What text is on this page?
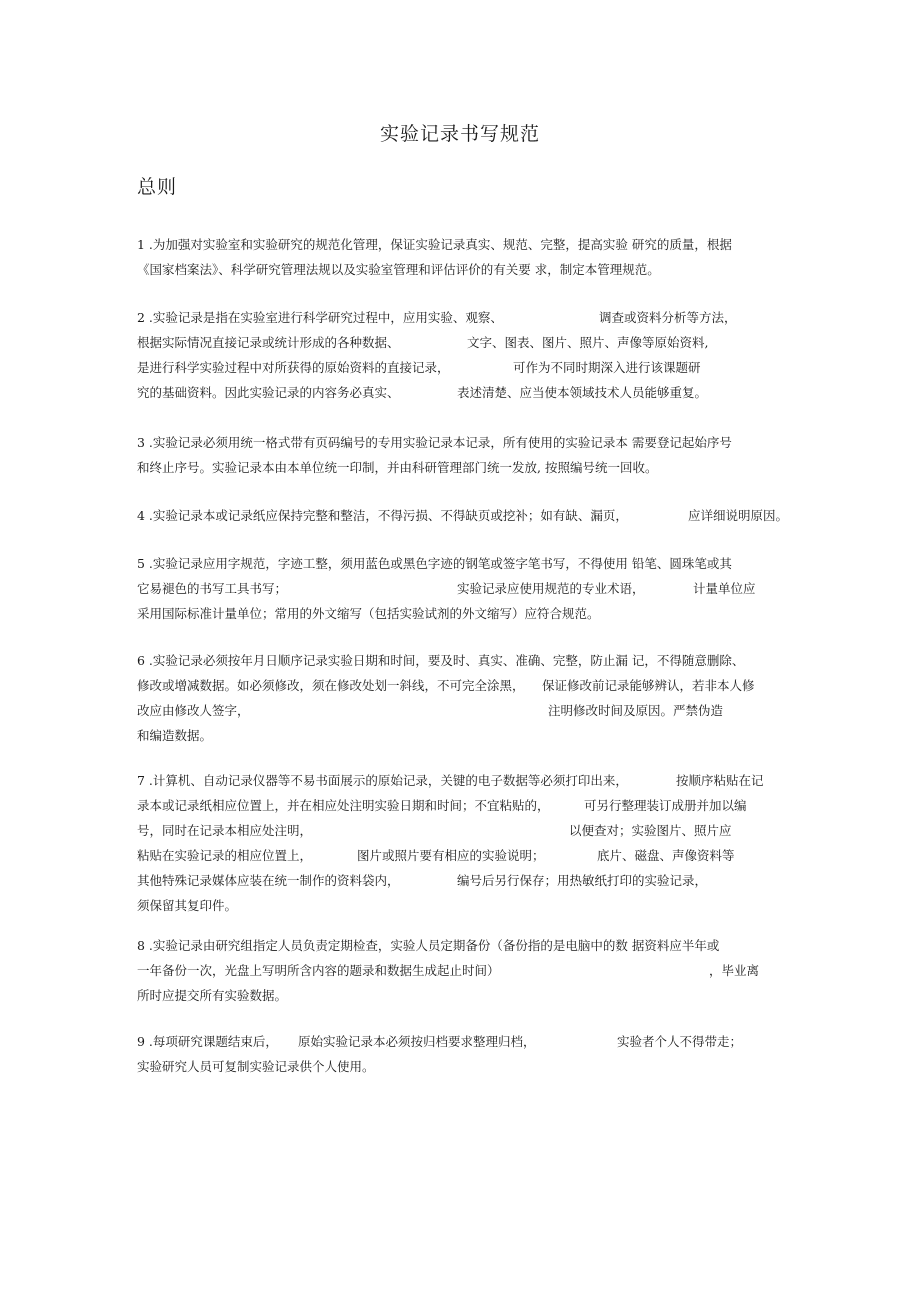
实验记录书写规范
总则
1 .为加强对实验室和实验研究的规范化管理，保证实验记录真实、规范、完整，提高实验 研究的质量，根据
《国家档案法》、科学研究管理法规以及实验室管理和评估评价的有关要 求，制定本管理规范。
2 .实验记录是指在实验室进行科学研究过程中，应用实验、观察、	调查或资料分析等方法，
根据实际情况直接记录或统计形成的各种数据、	文字、图表、图片、照片、声像等原始资料,
是进行科学实验过程中对所获得的原始资料的直接记录，	可作为不同时期深入进行该课题研
究的基础资料。因此实验记录的内容务必真实、	表述清楚、应当使本领域技术人员能够重复。
3 .实验记录必须用统一格式带有页码编号的专用实验记录本记录，所有使用的实验记录本 需要登记起始序号
和终止序号。实验记录本由本单位统一印制，并由科研管理部门统一发放, 按照编号统一回收。
4 .实验记录本或记录纸应保持完整和整洁，不得污损、不得缺页或挖补；如有缺、漏页，	应详细说明原因。
5 .实验记录应用字规范，字迹工整，须用蓝色或黑色字迹的钢笔或签字笔书写，不得使用 铅笔、圆珠笔或其
它易褪色的书写工具书写；	实验记录应使用规范的专业术语，	计量单位应
采用国际标准计量单位；常用的外文缩写（包括实验试剂的外文缩写）应符合规范。
6 .实验记录必须按年月日顺序记录实验日期和时间，要及时、真实、准确、完整，防止漏 记，不得随意删除、
修改或增减数据。如必须修改，须在修改处划一斜线，不可完全涂黑， 保证修改前记录能够辨认，若非本人修
改应由修改人签字，	注明修改时间及原因。严禁伪造
和编造数据。
7 .计算机、自动记录仪器等不易书面展示的原始记录，关键的电子数据等必须打印出来，	按顺序粘贴在记
录本或记录纸相应位置上，并在相应处注明实验日期和时间；不宜粘贴的，	可另行整理装订成册并加以编
号，同时在记录本相应处注明，	以便查对；实验图片、照片应
粘贴在实验记录的相应位置上，	图片或照片要有相应的实验说明；	底片、磁盘、声像资料等
其他特殊记录媒体应装在统一制作的资料袋内，	编号后另行保存；用热敏纸打印的实验记录，
须保留其复印件。
8 .实验记录由研究组指定人员负责定期检查，实验人员定期备份（备份指的是电脑中的数 据资料应半年或
一年备份一次，光盘上写明所含内容的题录和数据生成起止时间）	，毕业离
所时应提交所有实验数据。
9 .每项研究课题结束后， 原始实验记录本必须按归档要求整理归档，	实验者个人不得带走；
实验研究人员可复制实验记录供个人使用。
